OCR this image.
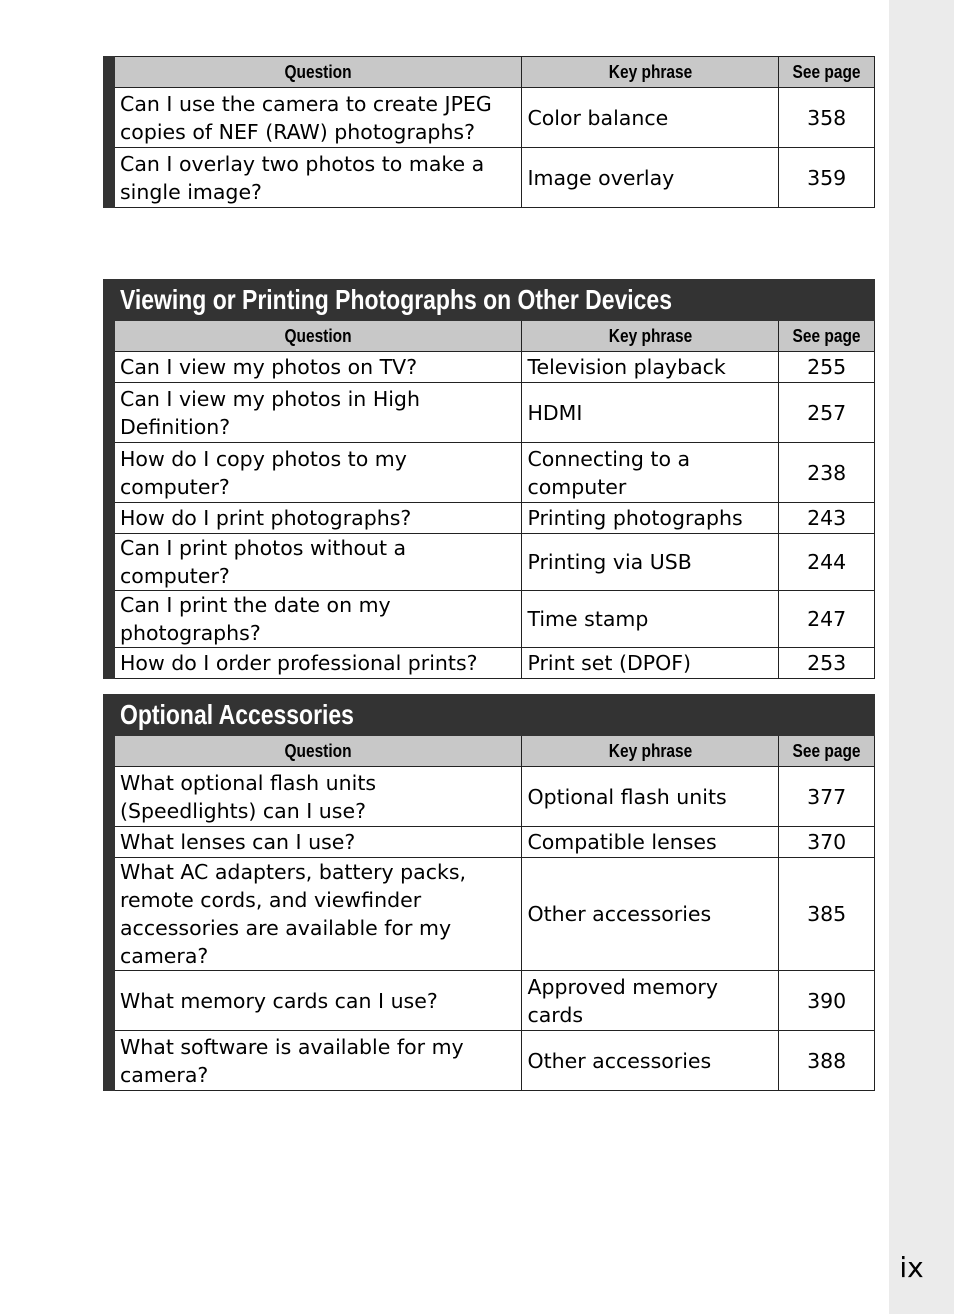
ix
Question	Key phrase	See page
Can I use the camera to create JPEG copies of NEF (RAW) photographs?	Color balance	358
Can I overlay two photos to make a single image?	Image overlay	359
Viewing or Printing Photographs on Other Devices		
Question	Key phrase	See page
Can I view my photos on TV?	Television playback	255
Can I view my photos in High Definition?	HDMI	257
How do I copy photos to my computer?	Connecting to a computer	238
How do I print photographs?	Printing photographs	243
Can I print photos without a computer?	Printing via USB	244
Can I print the date on my photographs?	Time stamp	247
How do I order professional prints?	Print set (DPOF)	253
Optional Accessories		
Question	Key phrase	See page
What optional flash units (Speedlights) can I use?	Optional flash units	377
What lenses can I use?	Compatible lenses	370
What AC adapters, battery packs, remote cords, and viewfinder accessories are available for my camera?	Other accessories	385
What memory cards can I use?	Approved memory cards	390
What software is available for my camera?	Other accessories	388
